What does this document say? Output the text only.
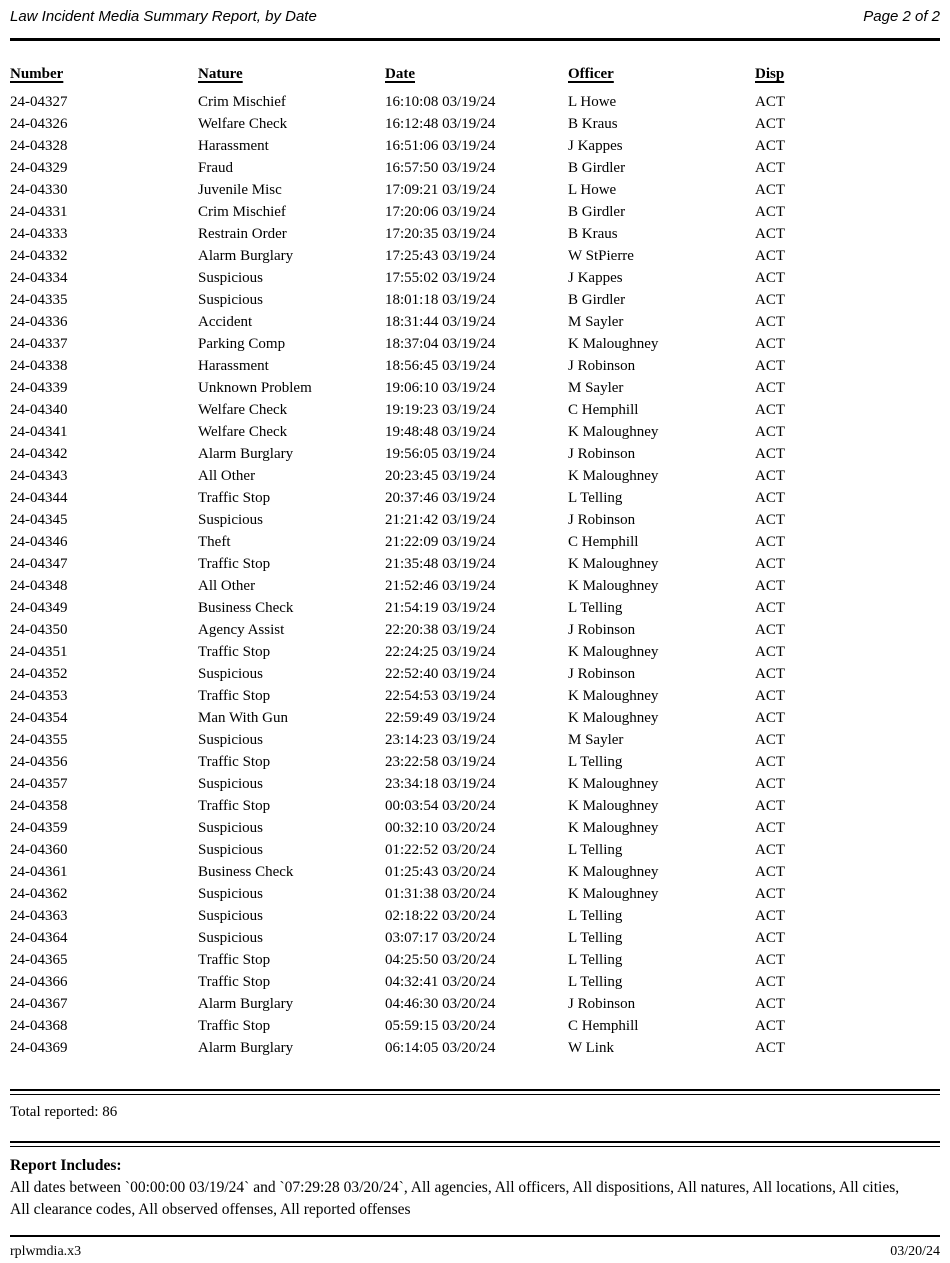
Law Incident Media Summary Report, by Date	Page 2 of 2
Number	Nature	Date	Officer	Disp
24-04327	Crim Mischief	16:10:08 03/19/24	L Howe	ACT
24-04326	Welfare Check	16:12:48 03/19/24	B Kraus	ACT
24-04328	Harassment	16:51:06 03/19/24	J Kappes	ACT
24-04329	Fraud	16:57:50 03/19/24	B Girdler	ACT
24-04330	Juvenile Misc	17:09:21 03/19/24	L Howe	ACT
24-04331	Crim Mischief	17:20:06 03/19/24	B Girdler	ACT
24-04333	Restrain Order	17:20:35 03/19/24	B Kraus	ACT
24-04332	Alarm Burglary	17:25:43 03/19/24	W StPierre	ACT
24-04334	Suspicious	17:55:02 03/19/24	J Kappes	ACT
24-04335	Suspicious	18:01:18 03/19/24	B Girdler	ACT
24-04336	Accident	18:31:44 03/19/24	M Sayler	ACT
24-04337	Parking Comp	18:37:04 03/19/24	K Maloughney	ACT
24-04338	Harassment	18:56:45 03/19/24	J Robinson	ACT
24-04339	Unknown Problem	19:06:10 03/19/24	M Sayler	ACT
24-04340	Welfare Check	19:19:23 03/19/24	C Hemphill	ACT
24-04341	Welfare Check	19:48:48 03/19/24	K Maloughney	ACT
24-04342	Alarm Burglary	19:56:05 03/19/24	J Robinson	ACT
24-04343	All Other	20:23:45 03/19/24	K Maloughney	ACT
24-04344	Traffic Stop	20:37:46 03/19/24	L Telling	ACT
24-04345	Suspicious	21:21:42 03/19/24	J Robinson	ACT
24-04346	Theft	21:22:09 03/19/24	C Hemphill	ACT
24-04347	Traffic Stop	21:35:48 03/19/24	K Maloughney	ACT
24-04348	All Other	21:52:46 03/19/24	K Maloughney	ACT
24-04349	Business Check	21:54:19 03/19/24	L Telling	ACT
24-04350	Agency Assist	22:20:38 03/19/24	J Robinson	ACT
24-04351	Traffic Stop	22:24:25 03/19/24	K Maloughney	ACT
24-04352	Suspicious	22:52:40 03/19/24	J Robinson	ACT
24-04353	Traffic Stop	22:54:53 03/19/24	K Maloughney	ACT
24-04354	Man With Gun	22:59:49 03/19/24	K Maloughney	ACT
24-04355	Suspicious	23:14:23 03/19/24	M Sayler	ACT
24-04356	Traffic Stop	23:22:58 03/19/24	L Telling	ACT
24-04357	Suspicious	23:34:18 03/19/24	K Maloughney	ACT
24-04358	Traffic Stop	00:03:54 03/20/24	K Maloughney	ACT
24-04359	Suspicious	00:32:10 03/20/24	K Maloughney	ACT
24-04360	Suspicious	01:22:52 03/20/24	L Telling	ACT
24-04361	Business Check	01:25:43 03/20/24	K Maloughney	ACT
24-04362	Suspicious	01:31:38 03/20/24	K Maloughney	ACT
24-04363	Suspicious	02:18:22 03/20/24	L Telling	ACT
24-04364	Suspicious	03:07:17 03/20/24	L Telling	ACT
24-04365	Traffic Stop	04:25:50 03/20/24	L Telling	ACT
24-04366	Traffic Stop	04:32:41 03/20/24	L Telling	ACT
24-04367	Alarm Burglary	04:46:30 03/20/24	J Robinson	ACT
24-04368	Traffic Stop	05:59:15 03/20/24	C Hemphill	ACT
24-04369	Alarm Burglary	06:14:05 03/20/24	W Link	ACT
Total reported: 86
Report Includes:
All dates between `00:00:00 03/19/24` and `07:29:28 03/20/24`, All agencies, All officers, All dispositions, All natures, All locations, All cities, All clearance codes, All observed offenses, All reported offenses
rplwmdia.x3	03/20/24
